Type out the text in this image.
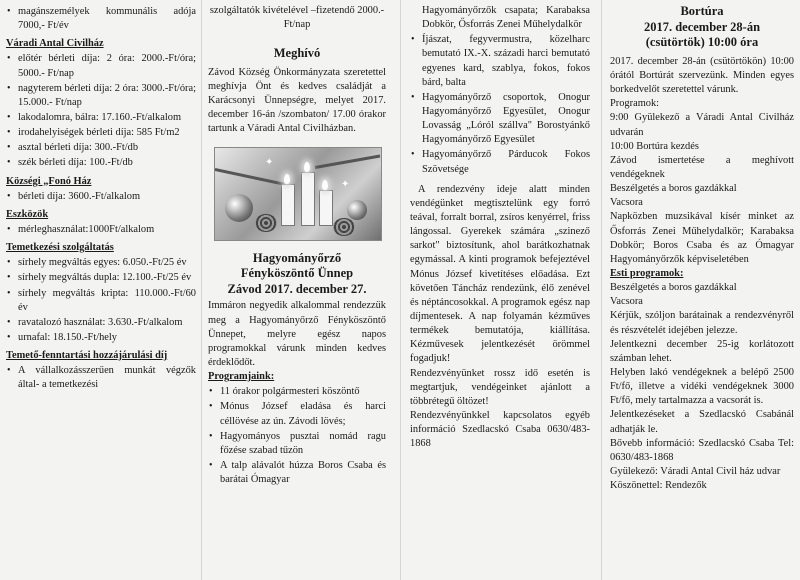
• magánszemélyek kommunális adója 7000,- Ft/év

Váradi Antal Civilház

• előtér bérleti díja: 2 óra: 2000.-Ft/óra; 5000.- Ft/nap
• nagyterem bérleti díja: 2 óra: 3000.-Ft/óra; 15.000.- Ft/nap
• lakodalomra, bálra: 17.160.-Ft/alkalom
• irodahelyiségek bérleti díja: 585 Ft/m2
• asztal bérleti díja: 300.-Ft/db
• szék bérleti díja: 100.-Ft/db

Községi „Fonó Ház

• bérleti díja: 3600.-Ft/alkalom

Eszközök

• mérleghasználat:1000Ft/alkalom

Temetkezési szolgáltatás

• sírhely megváltás egyes: 6.050.-Ft/25 év
• sírhely megváltás dupla: 12.100.-Ft/25 év
• sírhely megváltás kripta: 110.000.-Ft/60 év
• ravatalozó használat: 3.630.-Ft/alkalom
• urnafal: 18.150.-Ft/hely

Temető-fenntartási hozzájárulási díj

• A vállalkozásszerűen munkát végzők által- a temetkezési

szolgáltatók kivételével –fizetendő 2000.-Ft/nap

Meghívó

Závod Község Önkormányzata szeretettel meghívja Önt és kedves családját a Karácsonyi Ünnepségre, melyet 2017. december 16-án /szombaton/ 17.00 órakor tartunk a Váradi Antal Civilházban.

✦
✦

Hagyományőrző
Fényköszöntő Ünnep
Závod 2017. december 27.

Immáron negyedik alkalommal rendezzük meg a Hagyományőrző Fényköszöntő Ünnepet, melyre egész napos programokkal várunk minden kedves érdeklődőt.

Programjaink:

• 11 órakor polgármesteri köszöntő
• Mónus József eladása és harci céllövése az ún. Závodi lövés;
• Hagyományos pusztai nomád ragu főzése szabad tűzön
• A talp alávalót húzza Boros Csaba és barátai Ómagyar

Hagyományőrzők csapata; Karabaksa Dobkör, Ősforrás Zenei Műhelydalkör

• Íjászat, fegyvermustra, közelharc bemutató IX.-X. századi harci bemutató egyenes kard, szablya, fokos, fokos bárd, balta
• Hagyományőrző csoportok, Onogur Hagyományőrző Egyesület, Onogur Lovasság „Lóról szállva" Borostyánkő Hagyományőrző Egyesület
• Hagyományőrző Párducok Fokos Szövetsége

A rendezvény ideje alatt minden vendégünket megtisztelünk egy forró teával, forralt borral, zsíros kenyérrel, friss lángossal. Gyerekek számára „szinező sarkot" biztosítunk, ahol barátkozhatnak egymással. A kinti programok befejeztével Mónus József kivetítéses előadása. Ezt követően Táncház rendezünk, élő zenével és néptáncosokkal. A programok egész nap díjmentesek. A nap folyamán kézműves termékek bemutatója, kiállítása. Kézművesek jelentkezését örömmel fogadjuk!

Rendezvényünket rossz idő esetén is megtartjuk, vendégeinket ajánlott a többrétegű öltözet!

Rendezvényünkkel kapcsolatos egyéb információ Szedlacskó Csaba 0630/483-1868

Bortúra
2017. december 28-án
(csütörtök) 10:00 óra

2017. december 28-án (csütörtökön) 10:00 órától Bortúrát szervezünk. Minden egyes borkedvelőt szeretettel várunk.

Programok:

9:00 Gyülekező a Váradi Antal Civilház udvarán

10:00 Bortúra kezdés

Závod ismertetése a meghívott vendégeknek

Beszélgetés a boros gazdákkal

Vacsora

Napközben muzsikával kísér minket az Ősforrás Zenei Műhelydalkör; Karabaksa Dobkör; Boros Csaba és az Ómagyar Hagyományőrzők képviseletében

Esti programok:

Beszélgetés a boros gazdákkal

Vacsora

Kérjük, szóljon barátainak a rendezvényről és részvételét idejében jelezze.

Jelentkezni december 25-ig korlátozott számban lehet.

Helyben lakó vendégeknek a belépő 2500 Ft/fő, illetve a vidéki vendégeknek 3000 Ft/fő, mely tartalmazza a vacsorát is.

Jelentkezéseket a Szedlacskó Csabánál adhatják le.

Bővebb információ: Szedlacskó Csaba Tel: 0630/483-1868

Gyülekező: Váradi Antal Civil ház udvar

Köszönettel: Rendezők
